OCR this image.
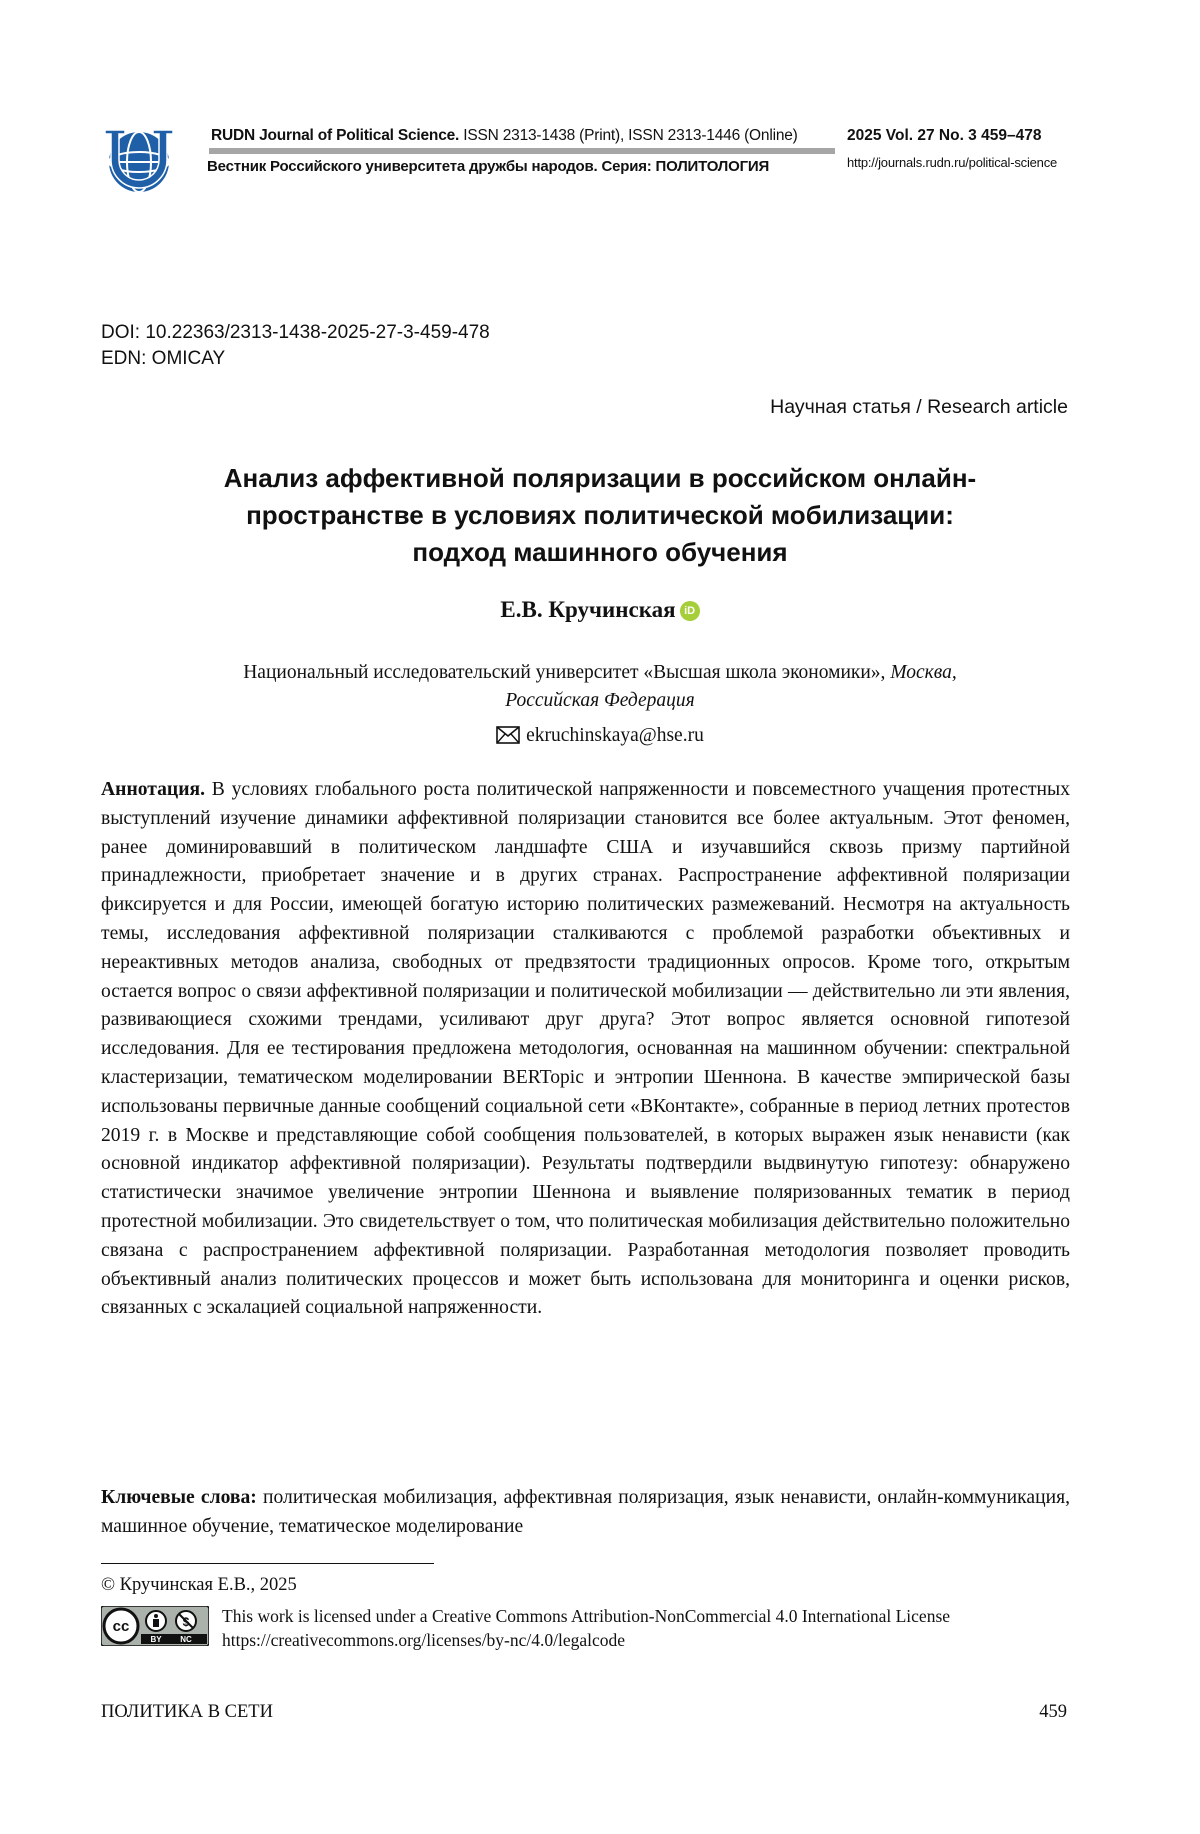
RUDN Journal of Political Science. ISSN 2313-1438 (Print), ISSN 2313-1446 (Online)
Вестник Российского университета дружбы народов. Серия: ПОЛИТОЛОГИЯ
2025 Vol. 27 No. 3 459–478
http://journals.rudn.ru/political-science
DOI: 10.22363/2313-1438-2025-27-3-459-478
EDN: OMICAY
Научная статья / Research article
Анализ аффективной поляризации в российском онлайн-
пространстве в условиях политической мобилизации:
подход машинного обучения
Е.В. Кручинская iD
Национальный исследовательский университет «Высшая школа экономики», Москва,
Российская Федерация
ekruchinskaya@hse.ru
Аннотация. В условиях глобального роста политической напряженности и повсеместного учащения протестных выступлений изучение динамики аффективной поляризации становится все более актуальным. Этот феномен, ранее доминировавший в политическом ландшафте США и изучавшийся сквозь призму партийной принадлежности, приобретает значение и в других странах. Распространение аффективной поляризации фиксируется и для России, имеющей богатую историю политических размежеваний. Несмотря на актуальность темы, исследования аффективной поляризации сталкиваются с проблемой разработки объективных и нереактивных методов анализа, свободных от предвзятости традиционных опросов. Кроме того, открытым остается вопрос о связи аффективной поляризации и политической мобилизации — действительно ли эти явления, развивающиеся схожими трендами, усиливают друг друга? Этот вопрос является основной гипотезой исследования. Для ее тестирования предложена методология, основанная на машинном обучении: спектральной кластеризации, тематическом моделировании BERTopic и энтропии Шеннона. В качестве эмпирической базы использованы первичные данные сообщений социальной сети «ВКонтакте», собранные в период летних протестов 2019 г. в Москве и представляющие собой сообщения пользователей, в которых выражен язык ненависти (как основной индикатор аффективной поляризации). Результаты подтвердили выдвинутую гипотезу: обнаружено статистически значимое увеличение энтропии Шеннона и выявление поляризованных тематик в период протестной мобилизации. Это свидетельствует о том, что политическая мобилизация действительно положительно связана с распространением аффективной поляризации. Разработанная методология позволяет проводить объективный анализ политических процессов и может быть использована для мониторинга и оценки рисков, связанных с эскалацией социальной напряженности.
Ключевые слова: политическая мобилизация, аффективная поляризация, язык ненависти, онлайн-коммуникация, машинное обучение, тематическое моделирование
© Кручинская Е.В., 2025
cc
BY NC
This work is licensed under a Creative Commons Attribution-NonCommercial 4.0 International License
https://creativecommons.org/licenses/by-nc/4.0/legalcode
ПОЛИТИКА В СЕТИ	459
